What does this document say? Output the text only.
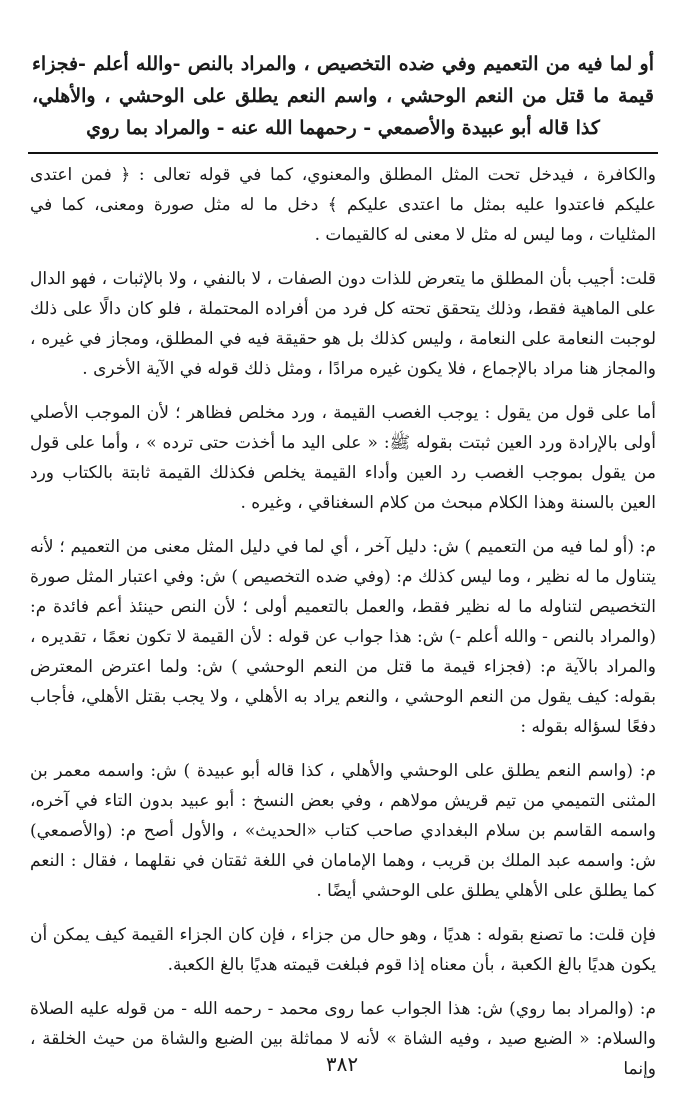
أو لما فيه من التعميم وفي ضده التخصيص ، والمراد بالنص -والله أعلم -فجزاء قيمة ما قتل من النعم الوحشي ، واسم النعم يطلق على الوحشي ، والأهلي، كذا قاله أبو عبيدة والأصمعي - رحمهما الله عنه - والمراد بما روي

والكافرة ، فيدخل تحت المثل المطلق والمعنوي، كما في قوله تعالى : ﴿ فمن اعتدى عليكم فاعتدوا عليه بمثل ما اعتدى عليكم ﴾ دخل ما له مثل صورة ومعنى، كما في المثليات ، وما ليس له مثل لا معنى له كالقيمات .

قلت: أجيب بأن المطلق ما يتعرض للذات دون الصفات ، لا بالنفي ، ولا بالإثبات ، فهو الدال على الماهية فقط، وذلك يتحقق تحته كل فرد من أفراده المحتملة ، فلو كان دالًا على ذلك لوجبت النعامة على النعامة ، وليس كذلك بل هو حقيقة فيه في المطلق، ومجاز في غيره ، والمجاز هنا مراد بالإجماع ، فلا يكون غيره مرادًا ، ومثل ذلك قوله في الآية الأخرى .

أما على قول من يقول : يوجب الغصب القيمة ، ورد مخلص فظاهر ؛ لأن الموجب الأصلي أولى بالإرادة ورد العين ثبتت بقوله ﷺ: « على اليد ما أخذت حتى ترده » ، وأما على قول من يقول بموجب الغصب رد العين وأداء القيمة يخلص فكذلك القيمة ثابتة بالكتاب ورد العين بالسنة وهذا الكلام مبحث من كلام السغناقي ، وغيره .

م: (أو لما فيه من التعميم ) ش: دليل آخر ، أي لما في دليل المثل معنى من التعميم ؛ لأنه يتناول ما له نظير ، وما ليس كذلك م: (وفي ضده التخصيص ) ش: وفي اعتبار المثل صورة التخصيص لتناوله ما له نظير فقط، والعمل بالتعميم أولى ؛ لأن النص حينئذ أعم فائدة م: (والمراد بالنص - والله أعلم -) ش: هذا جواب عن قوله : لأن القيمة لا تكون نعمًا ، تقديره ، والمراد بالآية م: (فجزاء قيمة ما قتل من النعم الوحشي ) ش: ولما اعترض المعترض بقوله: كيف يقول من النعم الوحشي ، والنعم يراد به الأهلي ، ولا يجب بقتل الأهلي، فأجاب دفعًا لسؤاله بقوله :

م: (واسم النعم يطلق على الوحشي والأهلي ، كذا قاله أبو عبيدة ) ش: واسمه معمر بن المثنى التميمي من تيم قريش مولاهم ، وفي بعض النسخ : أبو عبيد بدون التاء في آخره، واسمه القاسم بن سلام البغدادي صاحب كتاب «الحديث» ، والأول أصح م: (والأصمعي) ش: واسمه عبد الملك بن قريب ، وهما الإمامان في اللغة ثقتان في نقلهما ، فقال : النعم كما يطلق على الأهلي يطلق على الوحشي أيضًا .

فإن قلت: ما تصنع بقوله : هديًا ، وهو حال من جزاء ، فإن كان الجزاء القيمة كيف يمكن أن يكون هديًا بالغ الكعبة ، بأن معناه إذا قوم فبلغت قيمته هديًا بالغ الكعبة.

م: (والمراد بما روي) ش: هذا الجواب عما روى محمد - رحمه الله - من قوله عليه الصلاة والسلام: « الضبع صيد ، وفيه الشاة » لأنه لا مماثلة بين الضبع والشاة من حيث الخلقة ، وإنما

٣٨٢
